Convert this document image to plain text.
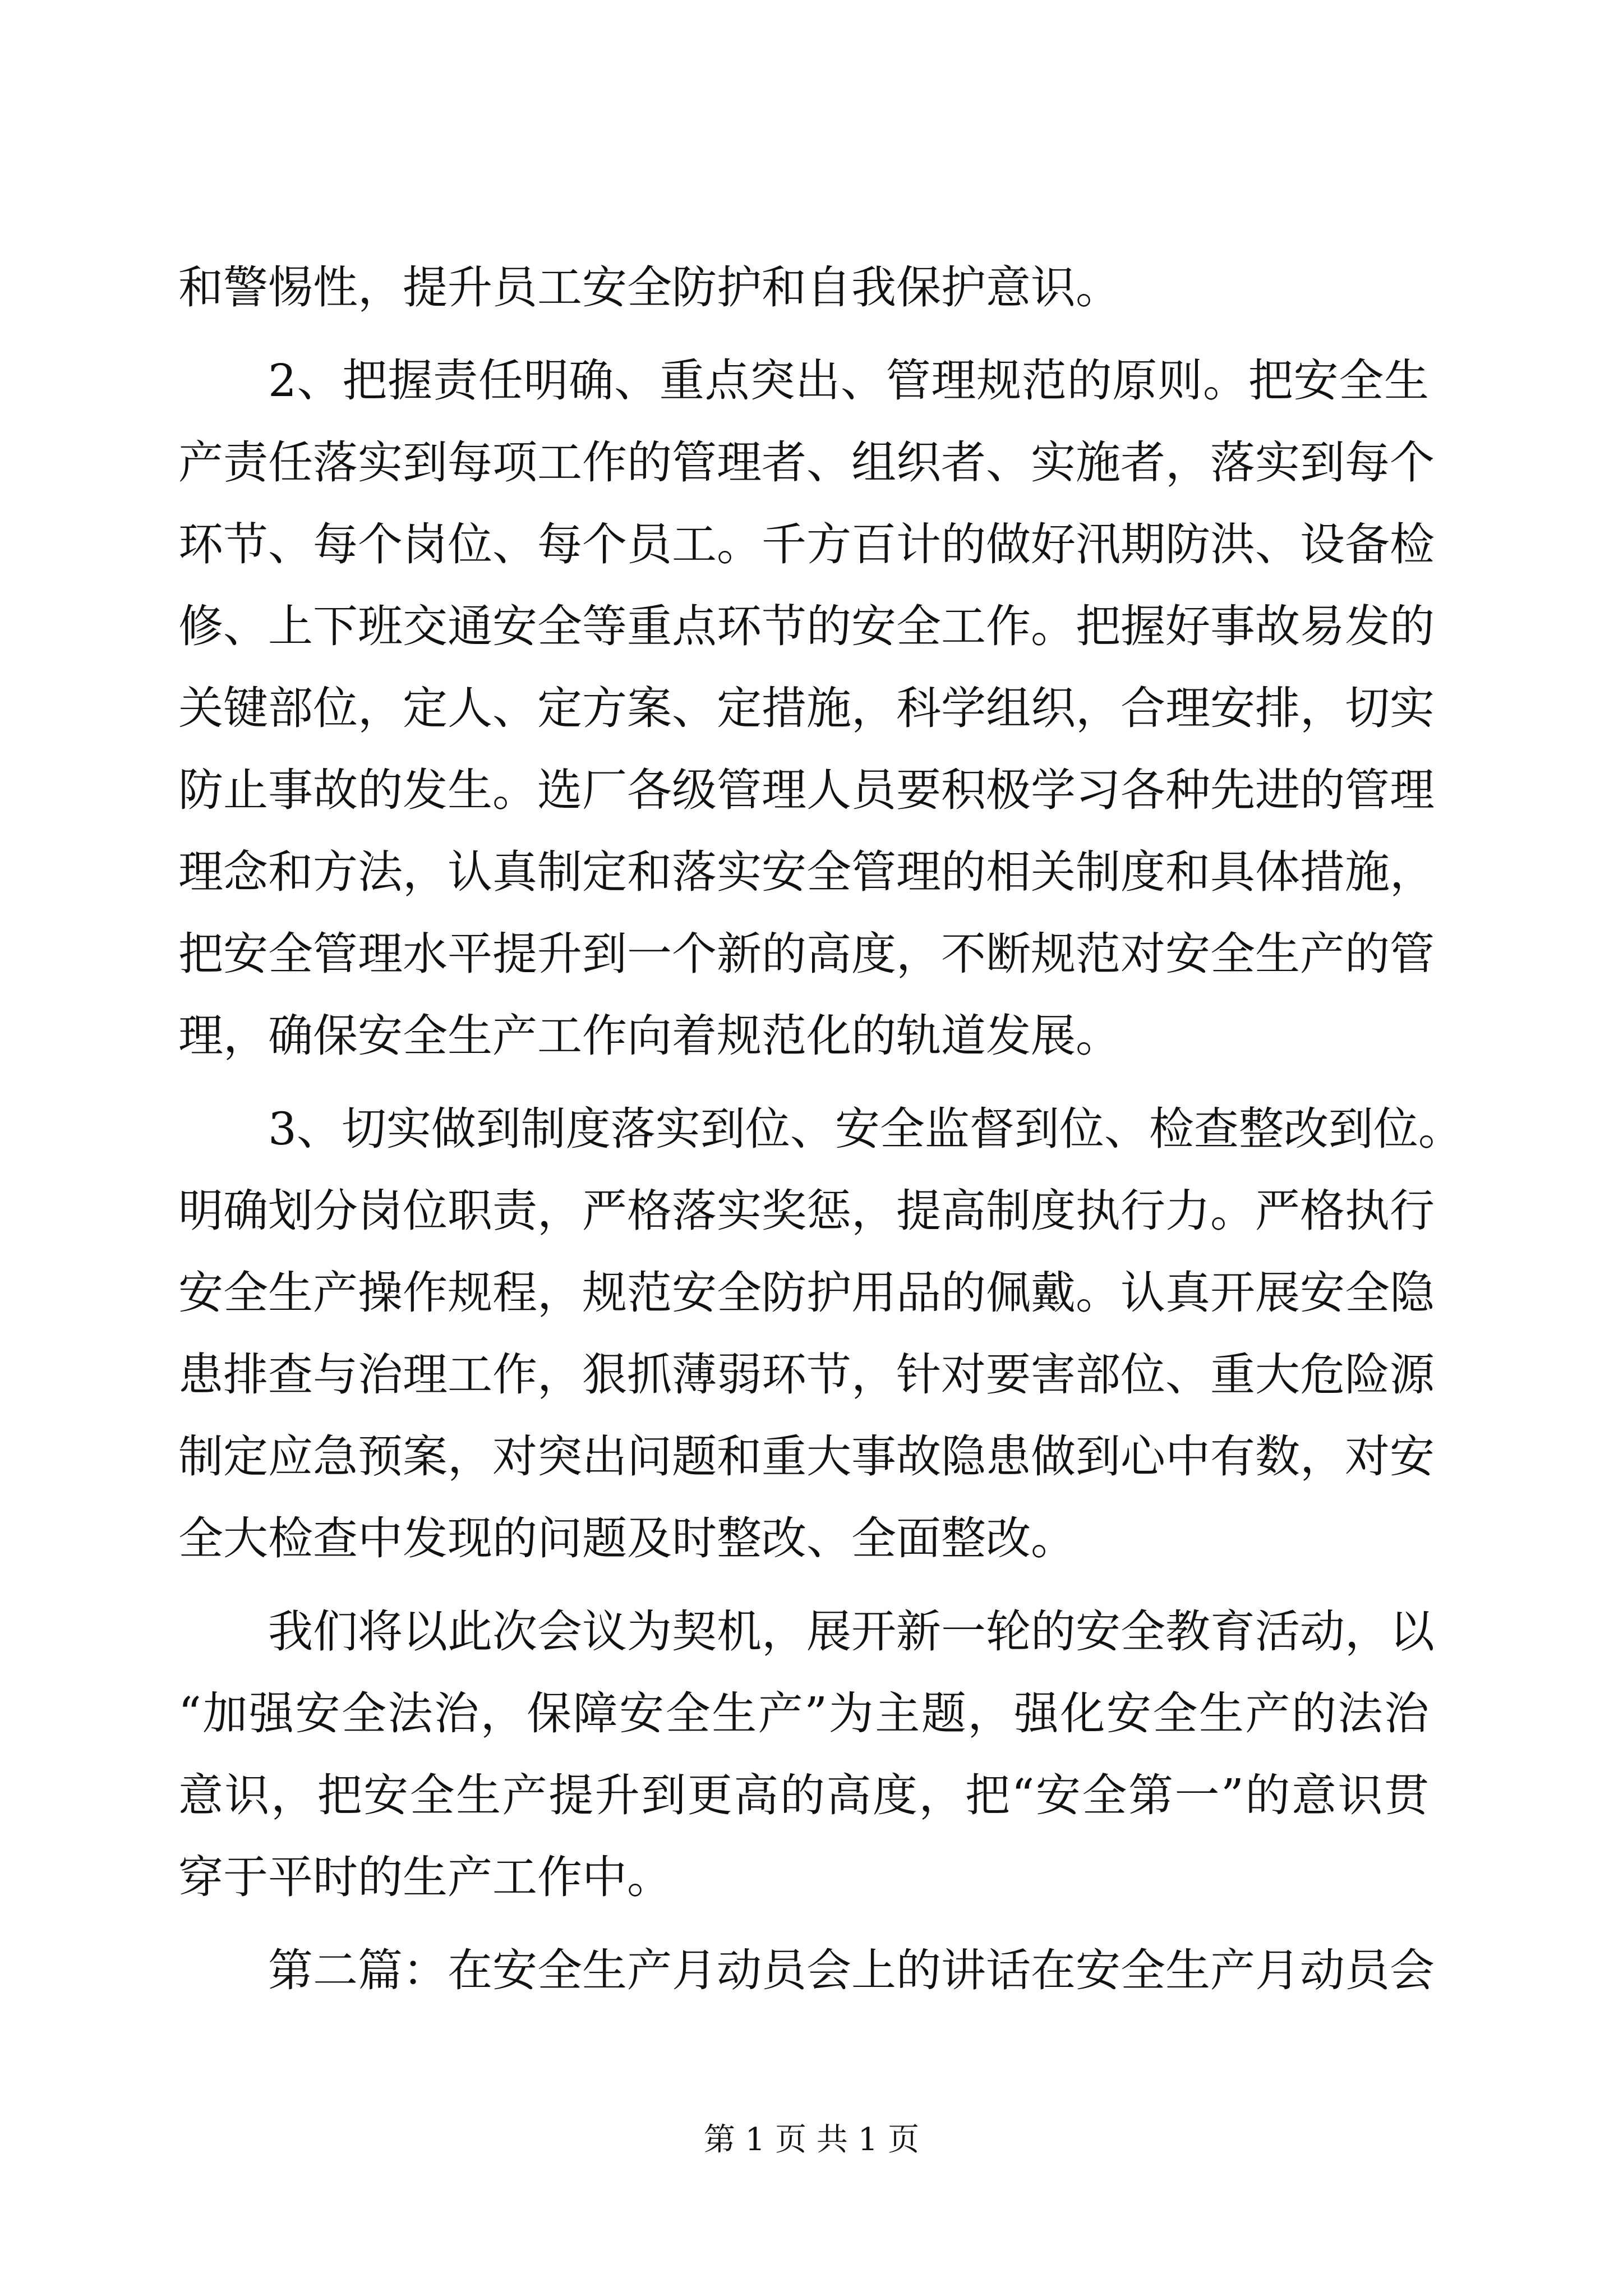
和警惕性，提升员工安全防护和自我保护意识。
2、把握责任明确、重点突出、管理规范的原则。把安全生
产责任落实到每项工作的管理者、组织者、实施者，落实到每个
环节、每个岗位、每个员工。千方百计的做好汛期防洪、设备检
修、上下班交通安全等重点环节的安全工作。把握好事故易发的
关键部位，定人、定方案、定措施，科学组织，合理安排，切实
防止事故的发生。选厂各级管理人员要积极学习各种先进的管理
理念和方法，认真制定和落实安全管理的相关制度和具体措施，
把安全管理水平提升到一个新的高度，不断规范对安全生产的管
理，确保安全生产工作向着规范化的轨道发展。
3、切实做到制度落实到位、安全监督到位、检查整改到位。
明确划分岗位职责，严格落实奖惩，提高制度执行力。严格执行
安全生产操作规程，规范安全防护用品的佩戴。认真开展安全隐
患排查与治理工作，狠抓薄弱环节，针对要害部位、重大危险源
制定应急预案，对突出问题和重大事故隐患做到心中有数，对安
全大检查中发现的问题及时整改、全面整改。
我们将以此次会议为契机，展开新一轮的安全教育活动，以
“加强安全法治，保障安全生产”为主题，强化安全生产的法治
意识，把安全生产提升到更高的高度，把“安全第一”的意识贯
穿于平时的生产工作中。
第二篇：在安全生产月动员会上的讲话在安全生产月动员会
第 1 页 共 1 页
